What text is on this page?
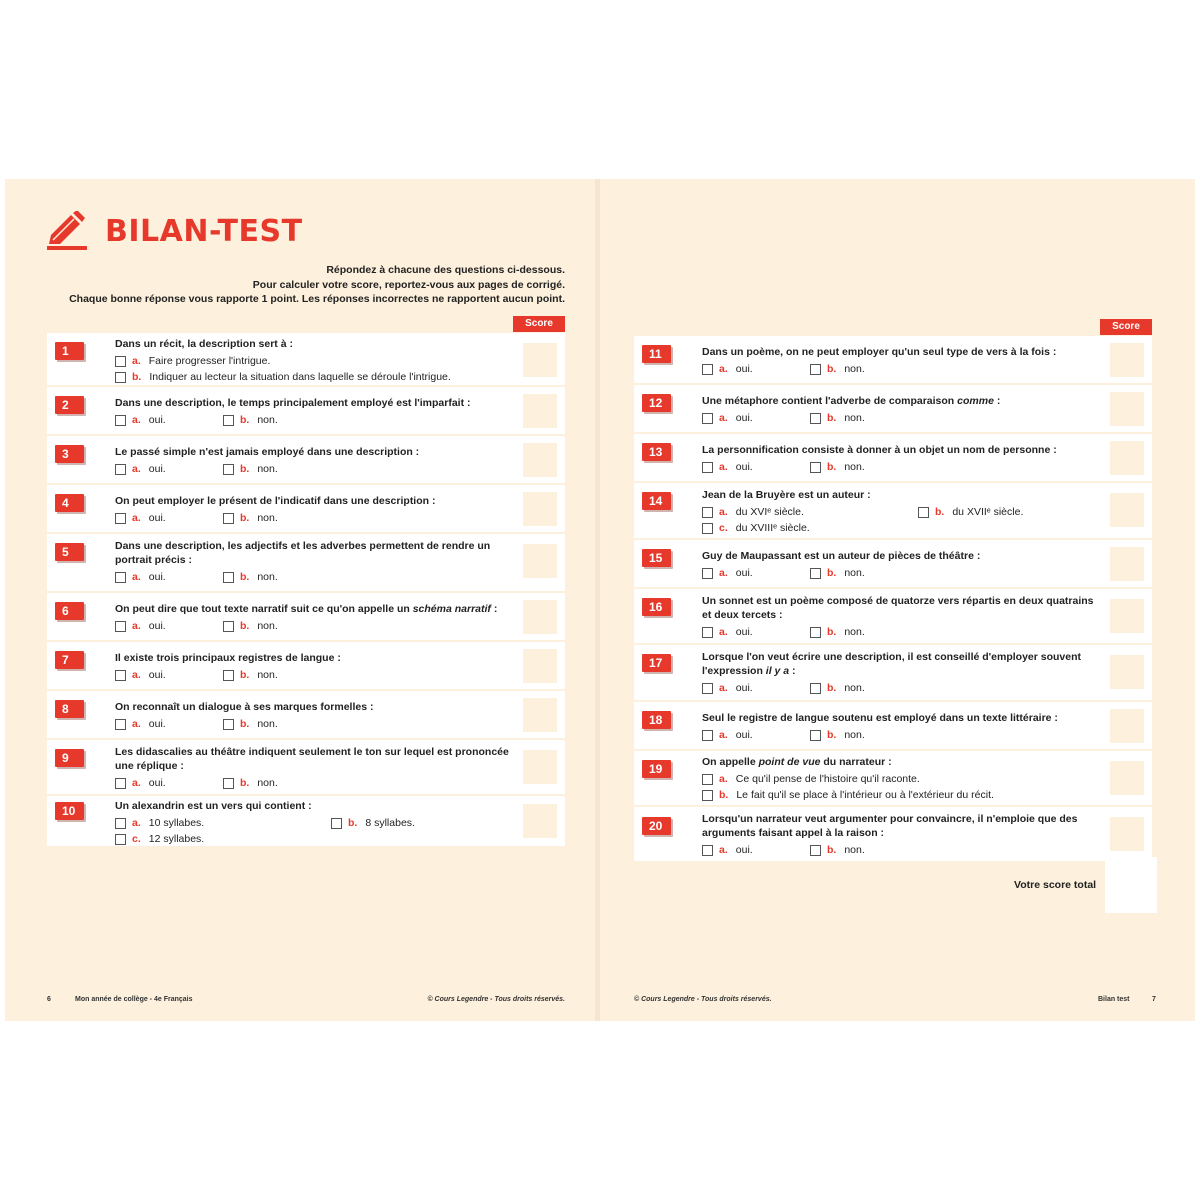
BILAN-TEST
Répondez à chacune des questions ci-dessous.
Pour calculer votre score, reportez-vous aux pages de corrigé.
Chaque bonne réponse vous rapporte 1 point. Les réponses incorrectes ne rapportent aucun point.
Score
1	Dans un récit, la description sert à :
a. Faire progresser l'intrigue.
b. Indiquer au lecteur la situation dans laquelle se déroule l'intrigue.
2	Dans une description, le temps principalement employé est l'imparfait :
a. oui.	b. non.
3	Le passé simple n'est jamais employé dans une description :
a. oui.	b. non.
4	On peut employer le présent de l'indicatif dans une description :
a. oui.	b. non.
5	Dans une description, les adjectifs et les adverbes permettent de rendre un portrait précis :
a. oui.	b. non.
6	On peut dire que tout texte narratif suit ce qu'on appelle un schéma narratif :
a. oui.	b. non.
7	Il existe trois principaux registres de langue :
a. oui.	b. non.
8	On reconnaît un dialogue à ses marques formelles :
a. oui.	b. non.
9	Les didascalies au théâtre indiquent seulement le ton sur lequel est prononcée une réplique :
a. oui.	b. non.
10	Un alexandrin est un vers qui contient :
a. 10 syllabes.	b. 8 syllabes.
c. 12 syllabes.
6	Mon année de collège - 4e Français	© Cours Legendre - Tous droits réservés.
Score
11	Dans un poème, on ne peut employer qu'un seul type de vers à la fois :
a. oui.	b. non.
12	Une métaphore contient l'adverbe de comparaison comme :
a. oui.	b. non.
13	La personnification consiste à donner à un objet un nom de personne :
a. oui.	b. non.
14	Jean de la Bruyère est un auteur :
a. du XVIᵉ siècle.	b. du XVIIᵉ siècle.
c. du XVIIIᵉ siècle.
15	Guy de Maupassant est un auteur de pièces de théâtre :
a. oui.	b. non.
16	Un sonnet est un poème composé de quatorze vers répartis en deux quatrains et deux tercets :
a. oui.	b. non.
17	Lorsque l'on veut écrire une description, il est conseillé d'employer souvent l'expression il y a :
a. oui.	b. non.
18	Seul le registre de langue soutenu est employé dans un texte littéraire :
a. oui.	b. non.
19	On appelle point de vue du narrateur :
a. Ce qu'il pense de l'histoire qu'il raconte.
b. Le fait qu'il se place à l'intérieur ou à l'extérieur du récit.
20	Lorsqu'un narrateur veut argumenter pour convaincre, il n'emploie que des arguments faisant appel à la raison :
a. oui.	b. non.
Votre score total
© Cours Legendre - Tous droits réservés.	Bilan test	7
